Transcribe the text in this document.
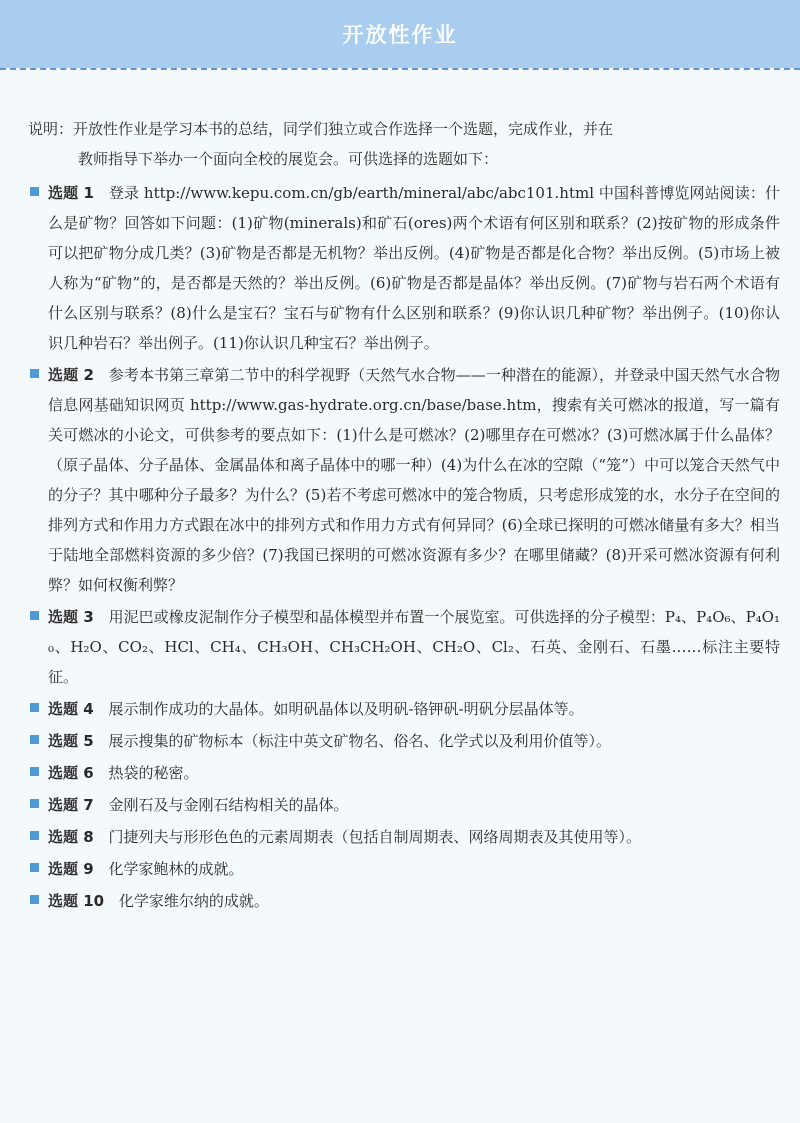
开放性作业
说明：开放性作业是学习本书的总结，同学们独立或合作选择一个选题，完成作业，并在
教师指导下举办一个面向全校的展览会。可供选择的选题如下：
选题 1 登录 http://www.kepu.com.cn/gb/earth/mineral/abc/abc101.html 中国科普博览网站阅读：什么是矿物？回答如下问题：(1)矿物(minerals)和矿石(ores)两个术语有何区别和联系？(2)按矿物的形成条件可以把矿物分成几类？(3)矿物是否都是无机物？举出反例。(4)矿物是否都是化合物？举出反例。(5)市场上被人称为“矿物”的，是否都是天然的？举出反例。(6)矿物是否都是晶体？举出反例。(7)矿物与岩石两个术语有什么区别与联系？(8)什么是宝石？宝石与矿物有什么区别和联系？(9)你认识几种矿物？举出例子。(10)你认识几种岩石？举出例子。(11)你认识几种宝石？举出例子。
选题 2 参考本书第三章第二节中的科学视野（天然气水合物——一种潜在的能源），并登录中国天然气水合物信息网基础知识网页 http://www.gas-hydrate.org.cn/base/base.htm，搜索有关可燃冰的报道，写一篇有关可燃冰的小论文，可供参考的要点如下：(1)什么是可燃冰？(2)哪里存在可燃冰？(3)可燃冰属于什么晶体？（原子晶体、分子晶体、金属晶体和离子晶体中的哪一种）(4)为什么在冰的空隙（“笼”）中可以笼合天然气中的分子？其中哪种分子最多？为什么？(5)若不考虑可燃冰中的笼合物质，只考虑形成笼的水，水分子在空间的排列方式和作用力方式跟在冰中的排列方式和作用力方式有何异同？(6)全球已探明的可燃冰储量有多大？相当于陆地全部燃料资源的多少倍？(7)我国已探明的可燃冰资源有多少？在哪里储藏？(8)开采可燃冰资源有何利弊？如何权衡利弊？
选题 3 用泥巴或橡皮泥制作分子模型和晶体模型并布置一个展览室。可供选择的分子模型：P₄、P₄O₆、P₄O₁₀、H₂O、CO₂、HCl、CH₄、CH₃OH、CH₃CH₂OH、CH₂O、Cl₂、石英、金刚石、石墨……标注主要特征。
选题 4 展示制作成功的大晶体。如明矾晶体以及明矾-铬钾矾-明矾分层晶体等。
选题 5 展示搜集的矿物标本（标注中英文矿物名、俗名、化学式以及利用价值等）。
选题 6 热袋的秘密。
选题 7 金刚石及与金刚石结构相关的晶体。
选题 8 门捷列夫与形形色色的元素周期表（包括自制周期表、网络周期表及其使用等）。
选题 9 化学家鲍林的成就。
选题 10 化学家维尔纳的成就。
